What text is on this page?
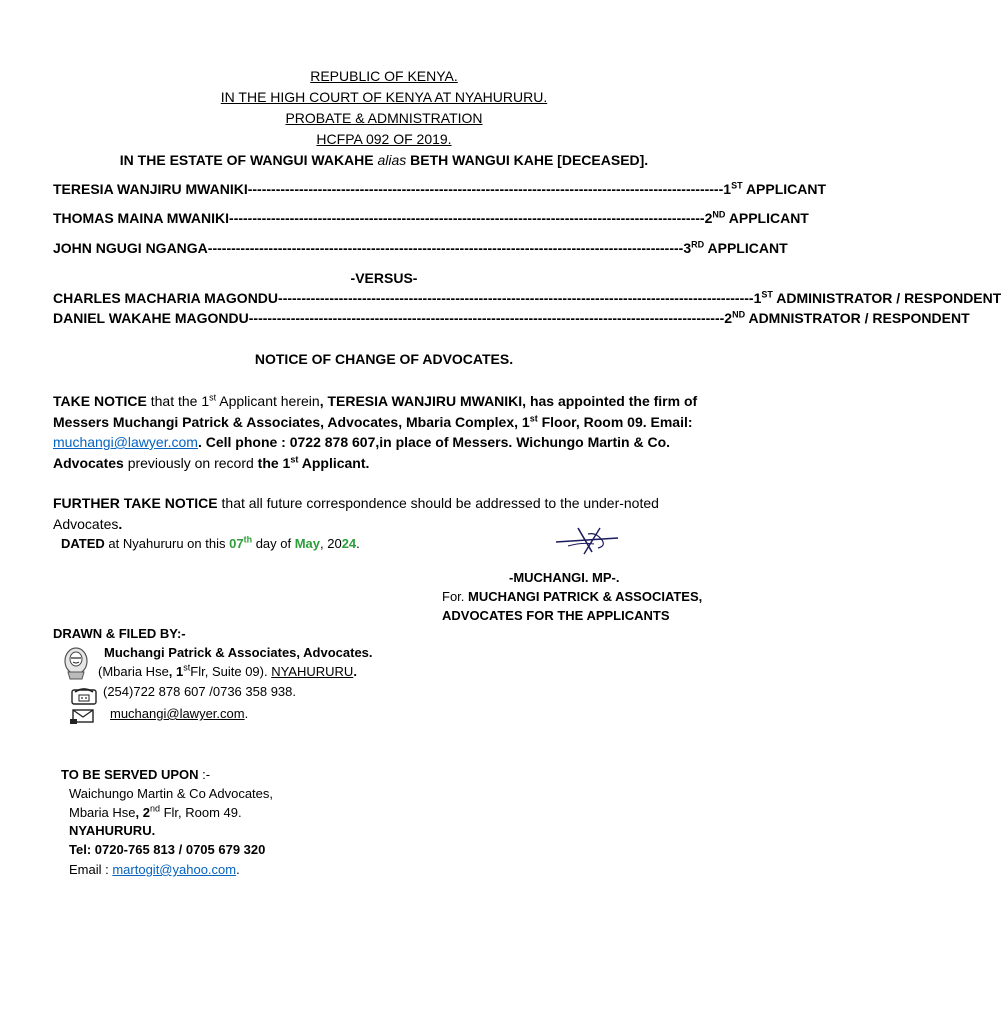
REPUBLIC OF KENYA.
IN THE HIGH COURT OF KENYA AT NYAHURURU.
PROBATE & ADMNISTRATION
HCFPA 092 OF 2019.
IN THE ESTATE OF WANGUI WAKAHE alias BETH WANGUI KAHE [DECEASED].
TERESIA WANJIRU MWANIKI ------------------------------------------------------------------------------------------------------ 1ST APPLICANT
THOMAS MAINA MWANIKI ------------------------------------------------------------------------------------------------------ 2ND APPLICANT
JOHN NGUGI NGANGA ------------------------------------------------------------------------------------------------------ 3RD APPLICANT
-VERSUS-
CHARLES MACHARIA MAGONDU ------------------------------------------------------------------------------------------------------ 1ST ADMINISTRATOR / RESPONDENT
DANIEL WAKAHE MAGONDU ------------------------------------------------------------------------------------------------------ 2ND ADMNISTRATOR / RESPONDENT
NOTICE OF CHANGE OF ADVOCATES.
TAKE NOTICE that the 1st Applicant herein, TERESIA WANJIRU MWANIKI, has appointed the firm of Messers Muchangi Patrick & Associates, Advocates, Mbaria Complex, 1st Floor, Room 09. Email: muchangi@lawyer.com. Cell phone : 0722 878 607,in place of Messers. Wichungo Martin & Co. Advocates previously on record the 1st Applicant.
FURTHER TAKE NOTICE that all future correspondence should be addressed to the under-noted Advocates.
DATED at Nyahururu on this 07th day of May, 2024.
-MUCHANGI. MP-.
For. MUCHANGI PATRICK & ASSOCIATES,
ADVOCATES FOR THE APPLICANTS
DRAWN & FILED BY:-
Muchangi Patrick & Associates, Advocates.
(Mbaria Hse, 1stFlr, Suite 09). NYAHURURU.
(254)722 878 607 /0736 358 938.
muchangi@lawyer.com.
TO BE SERVED UPON :-
Waichungo Martin & Co Advocates,
Mbaria Hse, 2nd Flr, Room 49.
NYAHURURU.
Tel: 0720-765 813 / 0705 679 320
Email : martogit@yahoo.com.
